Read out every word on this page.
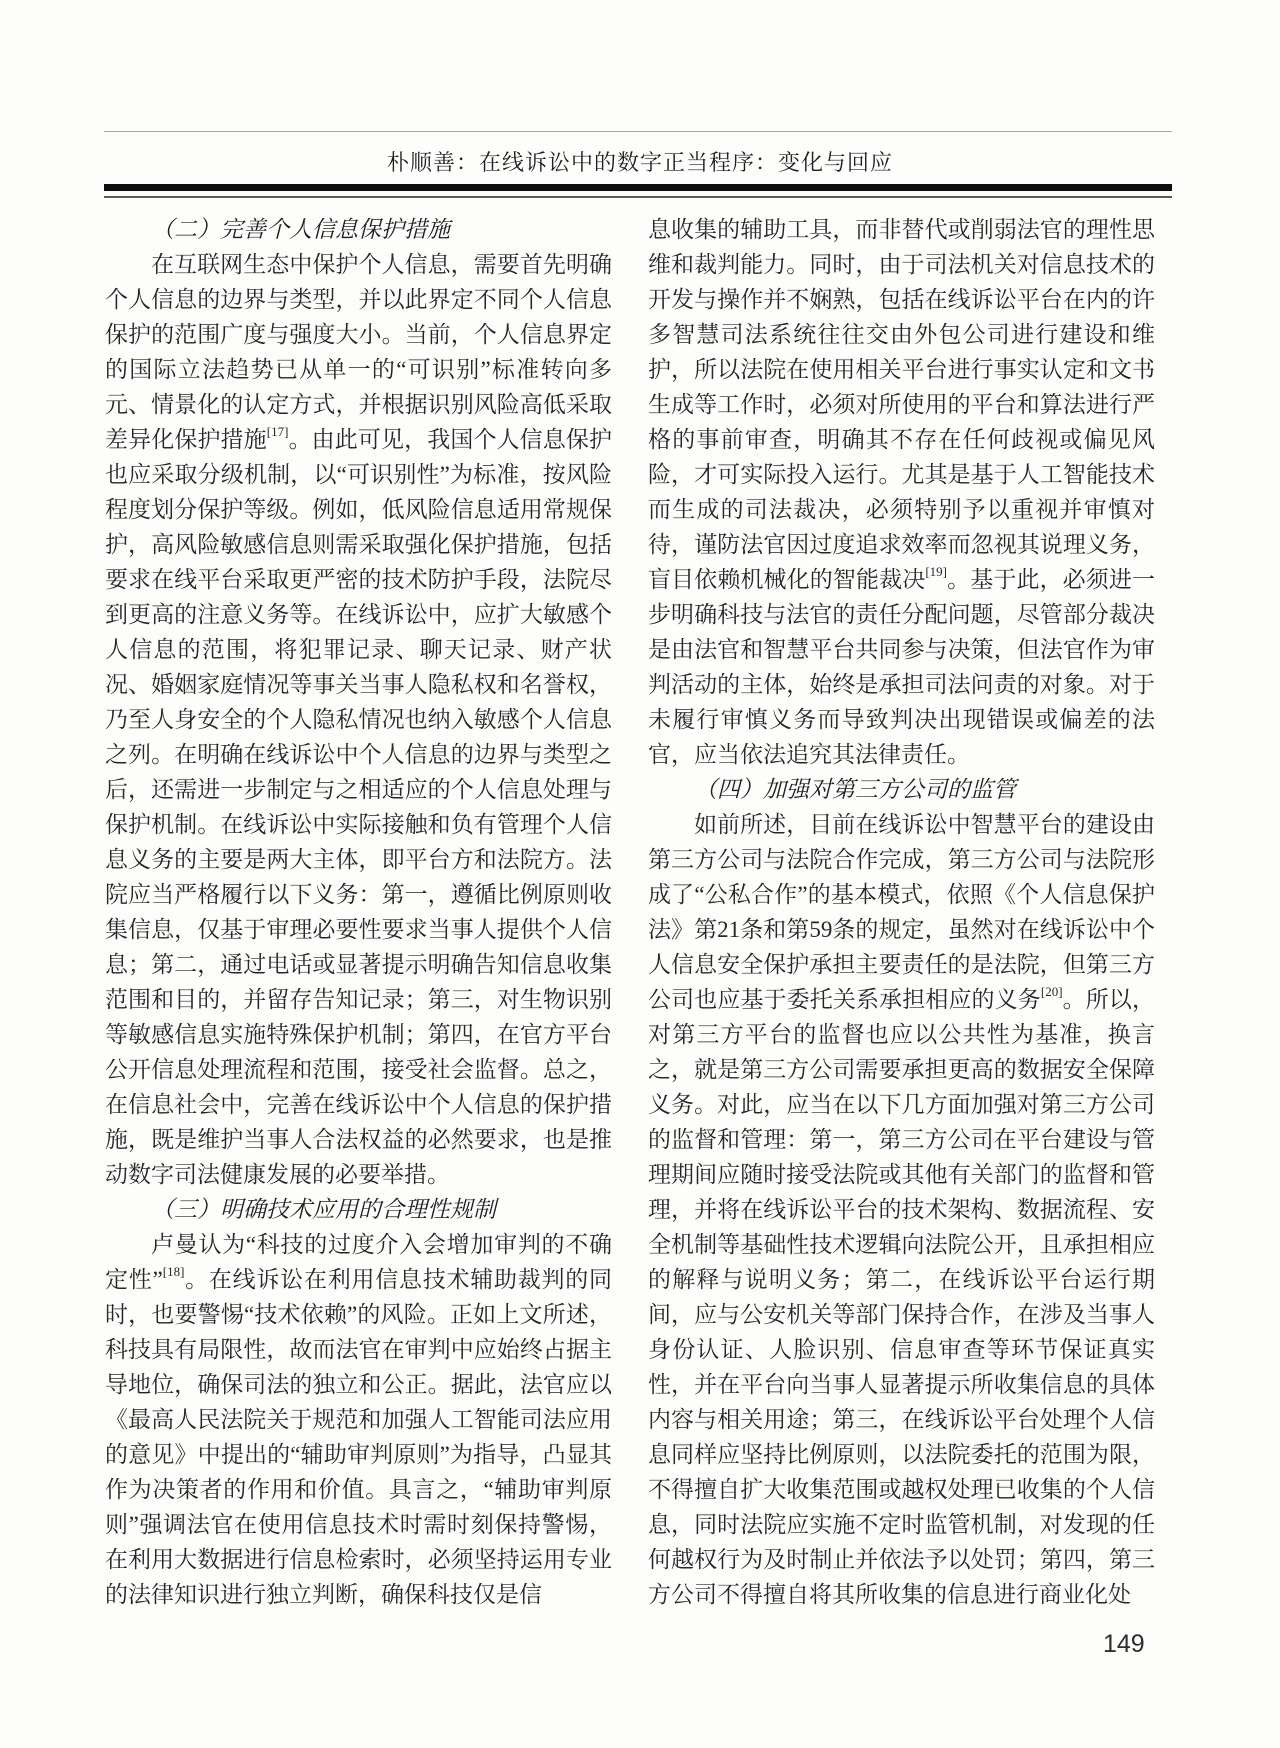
朴顺善：在线诉讼中的数字正当程序：变化与回应
（二）完善个人信息保护措施

在互联网生态中保护个人信息，需要首先明确个人信息的边界与类型，并以此界定不同个人信息保护的范围广度与强度大小。当前，个人信息界定的国际立法趋势已从单一的“可识别”标准转向多元、情景化的认定方式，并根据识别风险高低采取差异化保护措施[17]。由此可见，我国个人信息保护也应采取分级机制，以“可识别性”为标准，按风险程度划分保护等级。例如，低风险信息适用常规保护，高风险敏感信息则需采取强化保护措施，包括要求在线平台采取更严密的技术防护手段，法院尽到更高的注意义务等。在线诉讼中，应扩大敏感个人信息的范围，将犯罪记录、聊天记录、财产状况、婚姻家庭情况等事关当事人隐私权和名誉权，乃至人身安全的个人隐私情况也纳入敏感个人信息之列。在明确在线诉讼中个人信息的边界与类型之后，还需进一步制定与之相适应的个人信息处理与保护机制。在线诉讼中实际接触和负有管理个人信息义务的主要是两大主体，即平台方和法院方。法院应当严格履行以下义务：第一，遵循比例原则收集信息，仅基于审理必要性要求当事人提供个人信息；第二，通过电话或显著提示明确告知信息收集范围和目的，并留存告知记录；第三，对生物识别等敏感信息实施特殊保护机制；第四，在官方平台公开信息处理流程和范围，接受社会监督。总之，在信息社会中，完善在线诉讼中个人信息的保护措施，既是维护当事人合法权益的必然要求，也是推动数字司法健康发展的必要举措。

（三）明确技术应用的合理性规制

卢曼认为“科技的过度介入会增加审判的不确定性”[18]。在线诉讼在利用信息技术辅助裁判的同时，也要警惕“技术依赖”的风险。正如上文所述，科技具有局限性，故而法官在审判中应始终占据主导地位，确保司法的独立和公正。据此，法官应以《最高人民法院关于规范和加强人工智能司法应用的意见》中提出的“辅助审判原则”为指导，凸显其作为决策者的作用和价值。具言之，“辅助审判原则”强调法官在使用信息技术时需时刻保持警惕，在利用大数据进行信息检索时，必须坚持运用专业的法律知识进行独立判断，确保科技仅是信

息收集的辅助工具，而非替代或削弱法官的理性思维和裁判能力。同时，由于司法机关对信息技术的开发与操作并不娴熟，包括在线诉讼平台在内的许多智慧司法系统往往交由外包公司进行建设和维护，所以法院在使用相关平台进行事实认定和文书生成等工作时，必须对所使用的平台和算法进行严格的事前审查，明确其不存在任何歧视或偏见风险，才可实际投入运行。尤其是基于人工智能技术而生成的司法裁决，必须特别予以重视并审慎对待，谨防法官因过度追求效率而忽视其说理义务，盲目依赖机械化的智能裁决[19]。基于此，必须进一步明确科技与法官的责任分配问题，尽管部分裁决是由法官和智慧平台共同参与决策，但法官作为审判活动的主体，始终是承担司法问责的对象。对于未履行审慎义务而导致判决出现错误或偏差的法官，应当依法追究其法律责任。

（四）加强对第三方公司的监管

如前所述，目前在线诉讼中智慧平台的建设由第三方公司与法院合作完成，第三方公司与法院形成了“公私合作”的基本模式，依照《个人信息保护法》第21条和第59条的规定，虽然对在线诉讼中个人信息安全保护承担主要责任的是法院，但第三方公司也应基于委托关系承担相应的义务[20]。所以，对第三方平台的监督也应以公共性为基准，换言之，就是第三方公司需要承担更高的数据安全保障义务。对此，应当在以下几方面加强对第三方公司的监督和管理：第一，第三方公司在平台建设与管理期间应随时接受法院或其他有关部门的监督和管理，并将在线诉讼平台的技术架构、数据流程、安全机制等基础性技术逻辑向法院公开，且承担相应的解释与说明义务；第二，在线诉讼平台运行期间，应与公安机关等部门保持合作，在涉及当事人身份认证、人脸识别、信息审查等环节保证真实性，并在平台向当事人显著提示所收集信息的具体内容与相关用途；第三，在线诉讼平台处理个人信息同样应坚持比例原则，以法院委托的范围为限，不得擅自扩大收集范围或越权处理已收集的个人信息，同时法院应实施不定时监管机制，对发现的任何越权行为及时制止并依法予以处罚；第四，第三方公司不得擅自将其所收集的信息进行商业化处

149
